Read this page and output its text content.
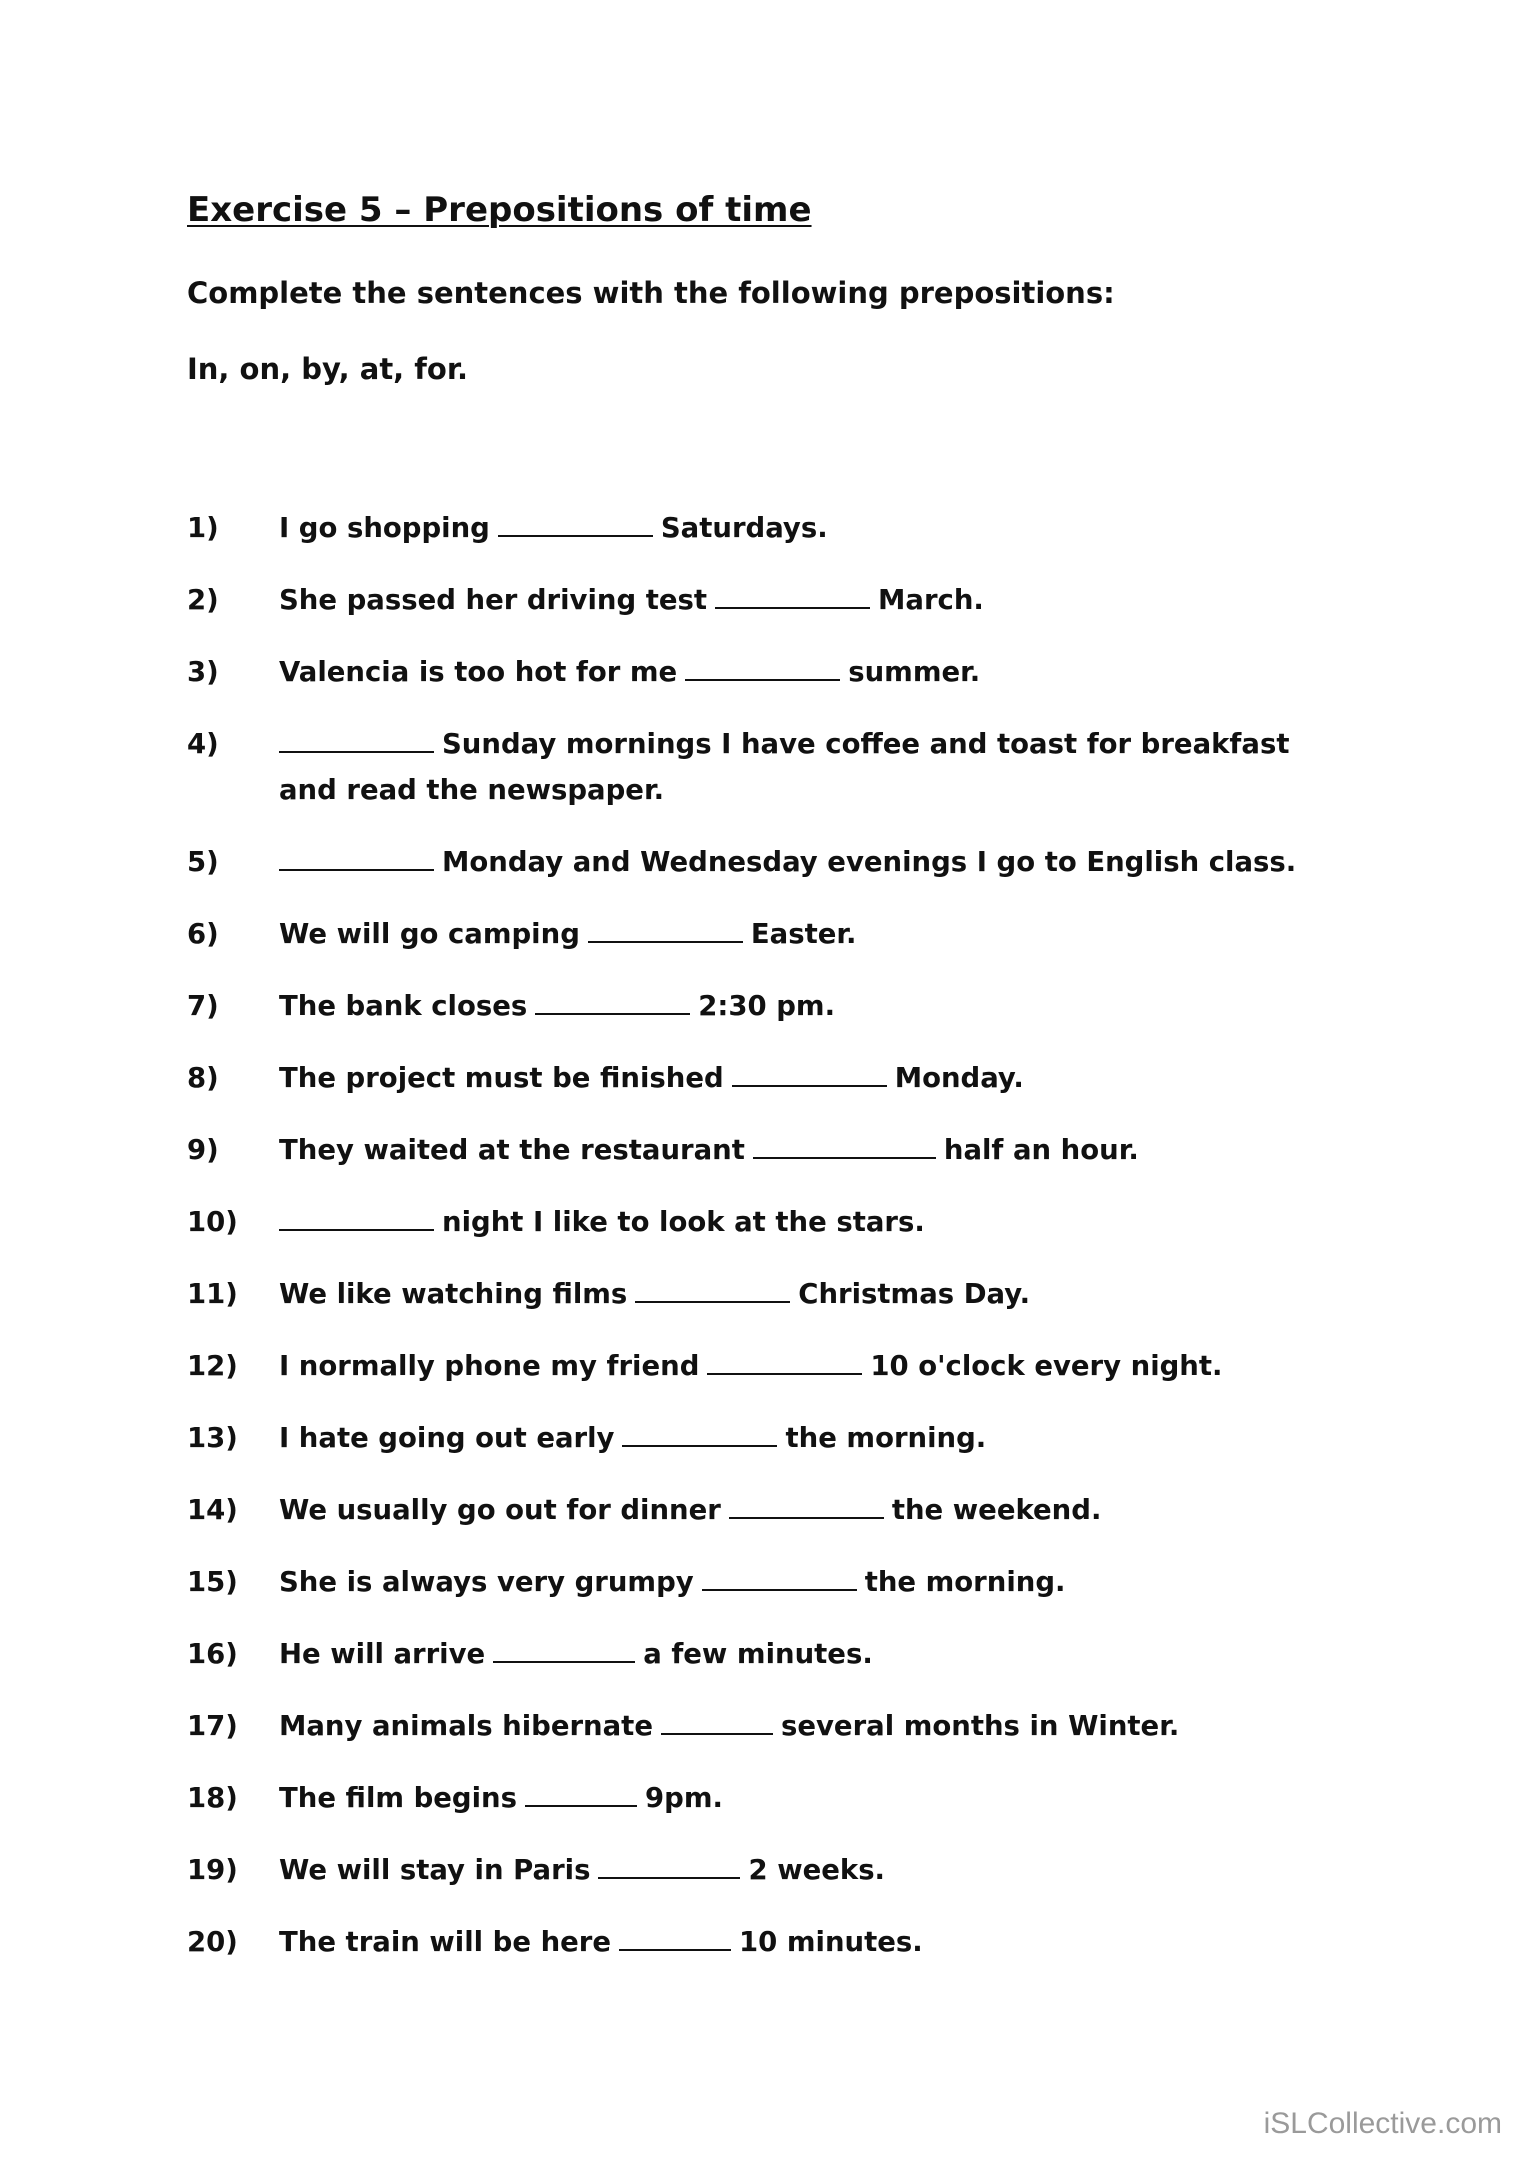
Exercise 5 – Prepositions of time
Complete the sentences with the following prepositions:
In, on, by, at, for.
1)	I go shopping	Saturdays.
2)	She passed her driving test	March.
3)	Valencia is too hot for me	summer.
4)	Sunday mornings I have coffee and toast for breakfast and read the newspaper.
5)	Monday and Wednesday evenings I go to English class.
6)	We will go camping	Easter.
7)	The bank closes	2:30 pm.
8)	The project must be finished	Monday.
9)	They waited at the restaurant	half an hour.
10)	night I like to look at the stars.
11)	We like watching films	Christmas Day.
12)	I normally phone my friend	10 o'clock every night.
13)	I hate going out early	the morning.
14)	We usually go out for dinner	the weekend.
15)	She is always very grumpy	the morning.
16)	He will arrive	a few minutes.
17)	Many animals hibernate	several months in Winter.
18)	The film begins	9pm.
19)	We will stay in Paris	2 weeks.
20)	The train will be here	10 minutes.
iSLCollective.com
